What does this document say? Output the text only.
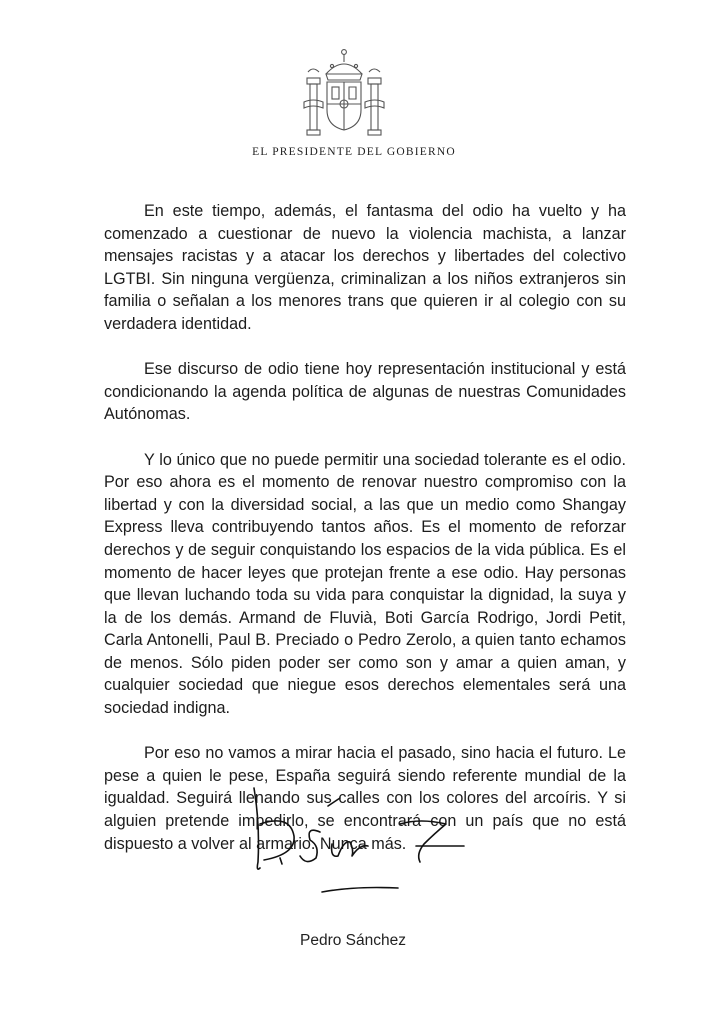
EL PRESIDENTE DEL GOBIERNO

En este tiempo, además, el fantasma del odio ha vuelto y ha comenzado a cuestionar de nuevo la violencia machista, a lanzar mensajes racistas y a atacar los derechos y libertades del colectivo LGTBI. Sin ninguna vergüenza, criminalizan a los niños extranjeros sin familia o señalan a los menores trans que quieren ir al colegio con su verdadera identidad.

Ese discurso de odio tiene hoy representación institucional y está condicionando la agenda política de algunas de nuestras Comunidades Autónomas.

Y lo único que no puede permitir una sociedad tolerante es el odio. Por eso ahora es el momento de renovar nuestro compromiso con la libertad y con la diversidad social, a las que un medio como Shangay Express lleva contribuyendo tantos años. Es el momento de reforzar derechos y de seguir conquistando los espacios de la vida pública. Es el momento de hacer leyes que protejan frente a ese odio. Hay personas que llevan luchando toda su vida para conquistar la dignidad, la suya y la de los demás. Armand de Fluvià, Boti García Rodrigo, Jordi Petit, Carla Antonelli, Paul B. Preciado o Pedro Zerolo, a quien tanto echamos de menos. Sólo piden poder ser como son y amar a quien aman, y cualquier sociedad que niegue esos derechos elementales será una sociedad indigna.

Por eso no vamos a mirar hacia el pasado, sino hacia el futuro. Le pese a quien le pese, España seguirá siendo referente mundial de la igualdad. Seguirá llenando sus calles con los colores del arcoíris. Y si alguien pretende impedirlo, se encontrará con un país que no está dispuesto a volver al armario. Nunca más.

Pedro Sánchez
